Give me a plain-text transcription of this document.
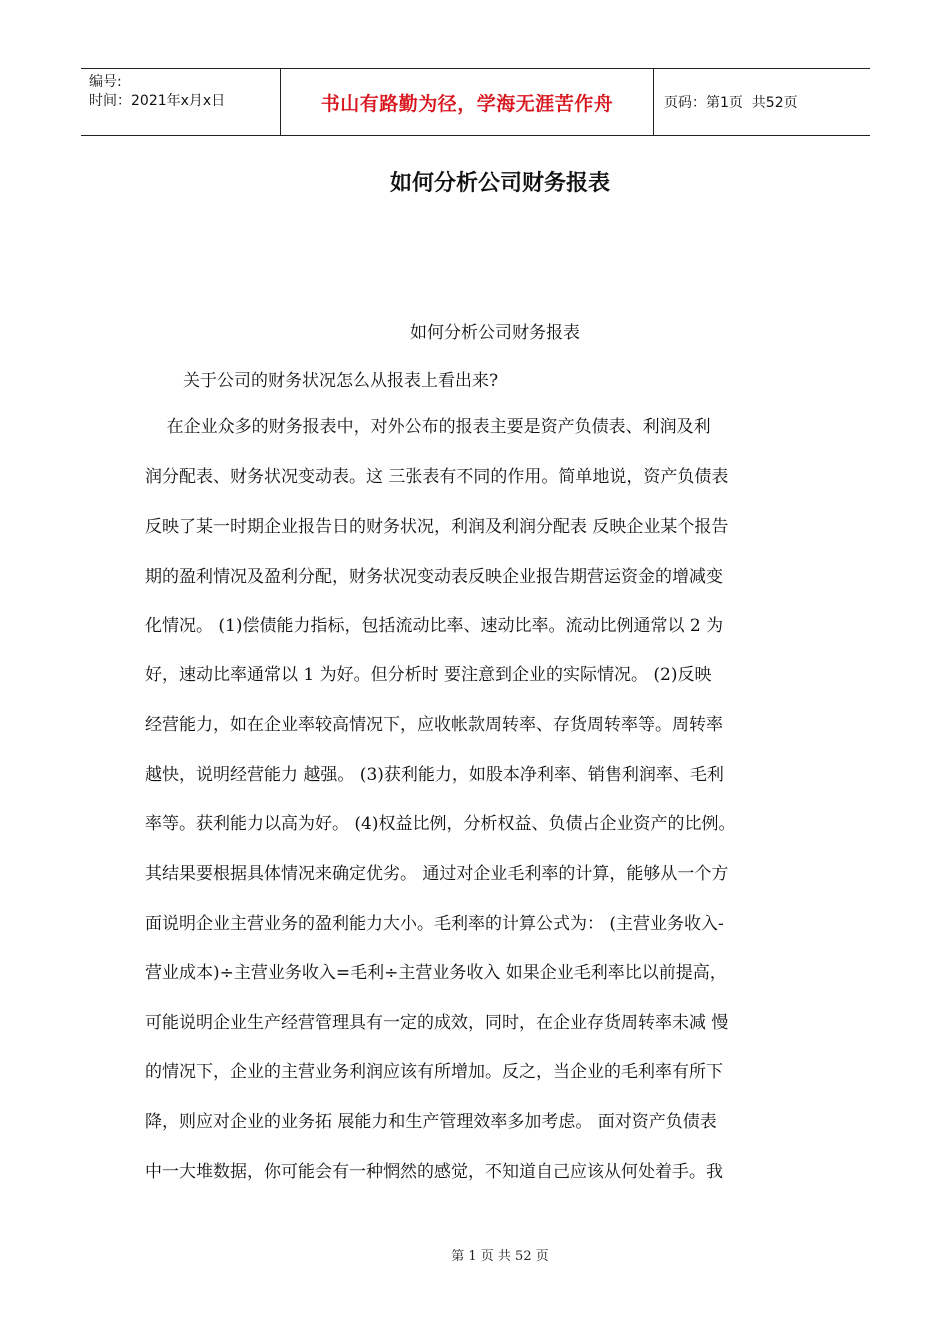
编号:
时间：2021年x月x日	书山有路勤为径，学海无涯苦作舟	页码：第1页  共52页
如何分析公司财务报表
如何分析公司财务报表
关于公司的财务状况怎么从报表上看出来?
在企业众多的财务报表中，对外公布的报表主要是资产负债表、利润及利
润分配表、财务状况变动表。这 三张表有不同的作用。简单地说，资产负债表
反映了某一时期企业报告日的财务状况，利润及利润分配表 反映企业某个报告
期的盈利情况及盈利分配，财务状况变动表反映企业报告期营运资金的增减变
化情况。 (1)偿债能力指标，包括流动比率、速动比率。流动比例通常以 2 为
好，速动比率通常以 1 为好。但分析时 要注意到企业的实际情况。 (2)反映
经营能力，如在企业率较高情况下，应收帐款周转率、存货周转率等。周转率
越快，说明经营能力 越强。 (3)获利能力，如股本净利率、销售利润率、毛利
率等。获利能力以高为好。 (4)权益比例，分析权益、负债占企业资产的比例。
其结果要根据具体情况来确定优劣。 通过对企业毛利率的计算，能够从一个方
面说明企业主营业务的盈利能力大小。毛利率的计算公式为： (主营业务收入-
营业成本)÷主营业务收入=毛利÷主营业务收入 如果企业毛利率比以前提高，
可能说明企业生产经营管理具有一定的成效，同时，在企业存货周转率未减 慢
的情况下，企业的主营业务利润应该有所增加。反之，当企业的毛利率有所下
降，则应对企业的业务拓 展能力和生产管理效率多加考虑。 面对资产负债表
中一大堆数据，你可能会有一种惘然的感觉，不知道自己应该从何处着手。我
第 1 页 共 52 页
